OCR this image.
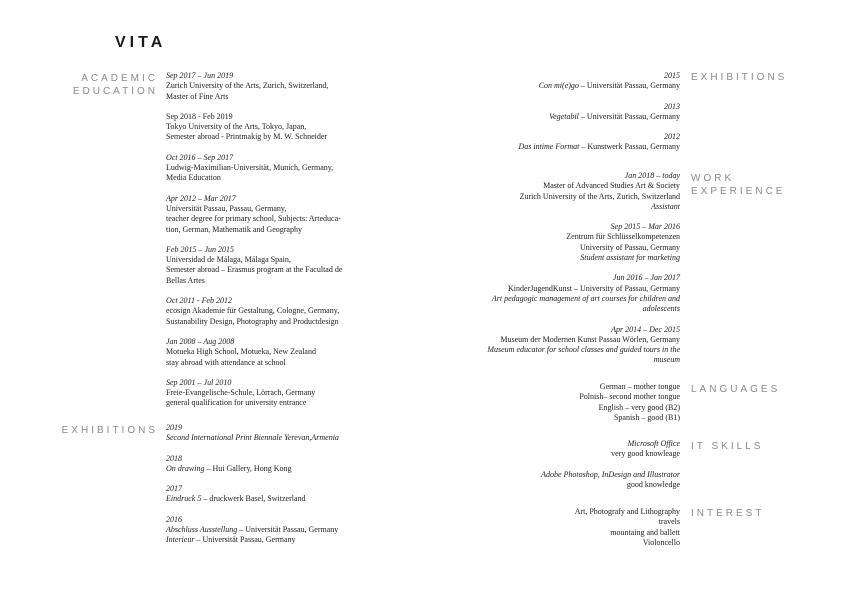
VITA
ACADEMIC
EDUCATION
EXHIBITIONS
EXHIBITIONS
WORK
EXPERIENCE
LANGUAGES
IT SKILLS
INTEREST
Sep 2017 – Jun 2019
Zurich University of the Arts, Zurich, Switzerland,
Master of Fine Arts
Sep 2018 - Feb 2019
Tokyo University of the Arts, Tokyo, Japan,
Semester abroad - Printmakig by M. W. Schneider
Oct 2016 – Sep 2017
Ludwig-Maximilian-Universität, Munich, Germany,
Media Education
Apr 2012 – Mar 2017
Universität Passau, Passau, Germany,
teacher degree for primary school, Subjects: Arteduca-
tion, German, Mathematik and Geography
Feb 2015 – Jun 2015
Universidad de Málaga, Málaga Spain,
Semester abroad – Erasmus program at the Facultad de
Bellas Artes
Oct 2011 - Feb 2012
ecosign Akademie für Gestaltung, Cologne, Germany,
Sustanability Design, Photography and Productdesign
Jan 2008 – Aug 2008
Motueka High School, Motueka, New Zealand
stay abroad with attendance at school
Sep 2001 – Jul 2010
Freie-Evangelische-Schule, Lörrach, Germany
general qualification for university entrance
2019
Second International Print Biennale Yerevan,Armenia
2018
On drawing – Hui Gallery, Hong Kong
2017
Eindruck 5 – druckwerk Basel, Switzerland
2016
Abschluss Ausstellung – Universität Passau, Germany
Interieur – Universität Passau, Germany
2015
Con mi(e)go – Universität Passau, Germany
2013
Vegetabil – Universität Passau, Germany
2012
Das intime Format – Kunstwerk Passau, Germany
Jan 2018 – today
Master of Advanced Studies Art & Society
Zurich University of the Arts, Zurich, Switzerland
Assistant
Sep 2015 – Mar 2016
Zentrum für Schlüsselkompetenzen
University of Passau, Germany
Student assistant for marketing
Jun 2016 – Jan 2017
KinderJugendKunst – University of Passau, Germany
Art pedagogic management of art courses for children and
adolescents
Apr 2014 – Dec 2015
Museum der Modernen Kunst Passau Wörlen, Germany
Museum educator for school classes and guided tours in the
museum
German – mother tongue
Polnish– second mother tongue
English – very good (B2)
Spanish – good (B1)
Microsoft Office
very good knowleage
Adobe Photoshop, InDesign and Illustrator
good knowledge
Art, Photografy and Lithography
travels
mountaing and ballett
Violoncello
